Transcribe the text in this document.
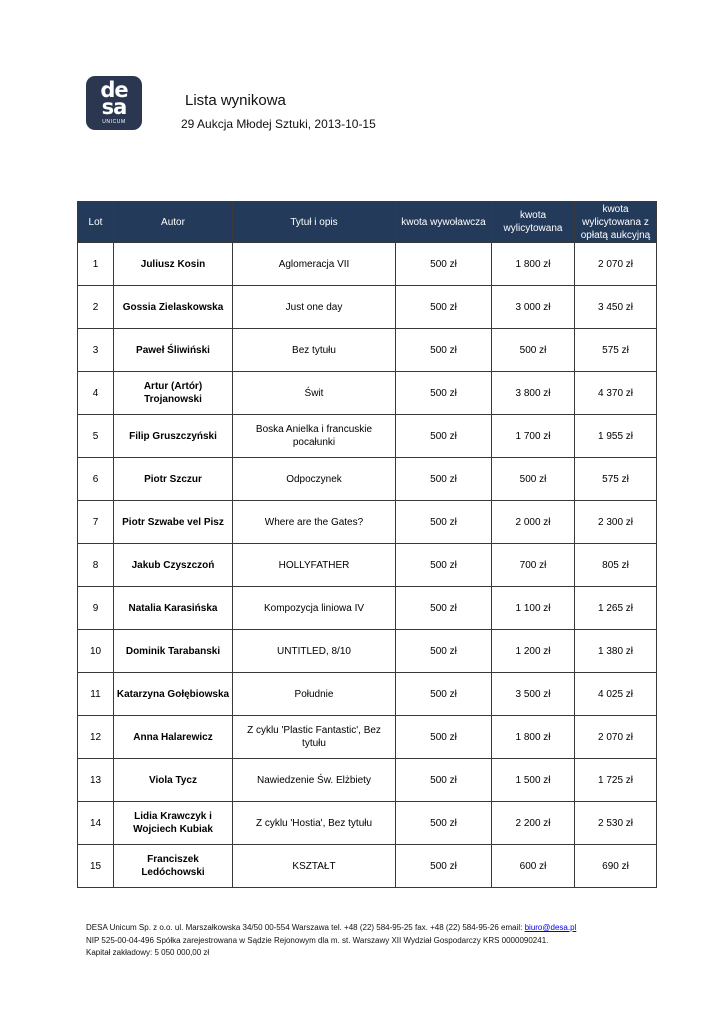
de
sa
UNICUM
Lista wynikowa
29 Aukcja Młodej Sztuki, 2013-10-15
Lot	Autor	Tytuł i opis	kwota wywoławcza	kwota wylicytowana	kwota wylicytowana z opłatą aukcyjną
1	Juliusz Kosin	Aglomeracja VII	500 zł	1 800 zł	2 070 zł
2	Gossia Zielaskowska	Just one day	500 zł	3 000 zł	3 450 zł
3	Paweł Śliwiński	Bez tytułu	500 zł	500 zł	575 zł
4	Artur (Artór) Trojanowski	Świt	500 zł	3 800 zł	4 370 zł
5	Filip Gruszczyński	Boska Anielka i francuskie pocałunki	500 zł	1 700 zł	1 955 zł
6	Piotr Szczur	Odpoczynek	500 zł	500 zł	575 zł
7	Piotr Szwabe vel Pisz	Where are the Gates?	500 zł	2 000 zł	2 300 zł
8	Jakub Czyszczoń	HOLLYFATHER	500 zł	700 zł	805 zł
9	Natalia Karasińska	Kompozycja liniowa IV	500 zł	1 100 zł	1 265 zł
10	Dominik Tarabanski	UNTITLED, 8/10	500 zł	1 200 zł	1 380 zł
11	Katarzyna Gołębiowska	Południe	500 zł	3 500 zł	4 025 zł
12	Anna Halarewicz	Z cyklu 'Plastic Fantastic', Bez tytułu	500 zł	1 800 zł	2 070 zł
13	Viola Tycz	Nawiedzenie Św. Elżbiety	500 zł	1 500 zł	1 725 zł
14	Lidia Krawczyk i Wojciech Kubiak	Z cyklu 'Hostia', Bez tytułu	500 zł	2 200 zł	2 530 zł
15	Franciszek Ledóchowski	KSZTAŁT	500 zł	600 zł	690 zł
DESA Unicum Sp. z o.o. ul. Marszałkowska 34/50 00-554 Warszawa tel. +48 (22) 584-95-25 fax. +48 (22) 584-95-26 email: biuro@desa.pl
NIP 525-00-04-496 Spółka zarejestrowana w Sądzie Rejonowym dla m. st. Warszawy XII Wydział Gospodarczy KRS 0000090241.
Kapitał zakładowy: 5 050 000,00 zł
